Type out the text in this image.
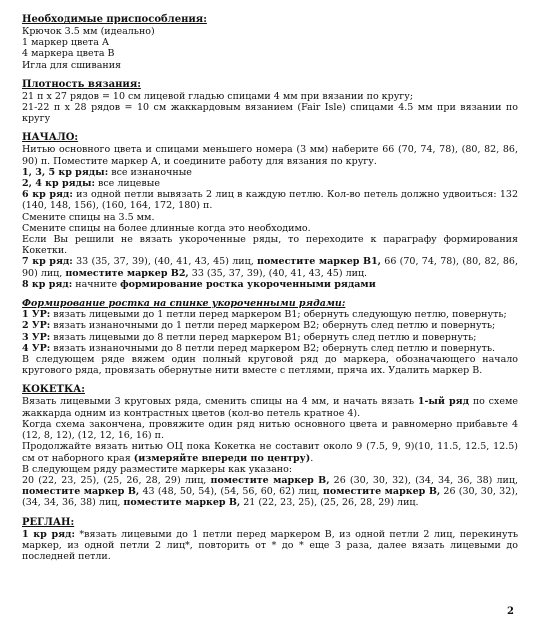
Необходимые приспособления:

Крючок 3.5 мм (идеально)

1 маркер цвета А

4 маркера цвета В

Игла для сшивания

Плотность вязания:

21 п х 27 рядов = 10 см лицевой гладью спицами 4 мм при вязании по кругу;

21-22 п х 28 рядов = 10 см жаккардовым вязанием (Fair Isle) спицами 4.5 мм при вязании по кругу

НАЧАЛО:

Нитью основного цвета и спицами меньшего номера (3 мм) наберите 66 (70, 74, 78), (80, 82, 86, 90) п. Поместите маркер А, и соедините работу для вязания по кругу.

1, 3, 5 кр ряды: все изнаночные

2, 4 кр ряды: все лицевые

6 кр ряд: из одной петли вывязать 2 лиц в каждую петлю. Кол-во петель должно удвоиться: 132 (140, 148, 156), (160, 164, 172, 180) п.

Смените спицы на 3.5 мм.

Смените спицы на более длинные когда это необходимо.

Если Вы решили не вязать укороченные ряды, то переходите к параграфу формирования Кокетки.

7 кр ряд: 33 (35, 37, 39), (40, 41, 43, 45) лиц, поместите маркер В1, 66 (70, 74, 78), (80, 82, 86, 90) лиц, поместите маркер В2, 33 (35, 37, 39), (40, 41, 43, 45) лиц.

8 кр ряд: начните формирование ростка укороченными рядами

Формирование ростка на спинке укороченными рядами:

1 УР: вязать лицевыми до 1 петли перед маркером В1; обернуть следующую петлю, повернуть;

2 УР: вязать изнаночными до 1 петли перед маркером В2; обернуть след петлю и повернуть;

3 УР: вязать лицевыми до 8 петли перед маркером В1; обернуть след петлю и повернуть;

4 УР: вязать изнаночными до 8 петли перед маркером В2; обернуть след петлю и повернуть.

В следующем ряде вяжем один полный круговой ряд до маркера, обозначающего начало кругового ряда, провязать обернутые нити вместе с петлями, пряча их. Удалить маркер В.

КОКЕТКА:

Вязать лицевыми 3 круговых ряда, сменить спицы на 4 мм, и начать вязать 1-ый ряд по схеме жаккарда одним из контрастных цветов (кол-во петель кратное 4).

Когда схема закончена, провяжите один ряд нитью основного цвета и равномерно прибавьте 4 (12, 8, 12), (12, 12, 16, 16) п.

Продолжайте вязать нитью ОЦ пока Кокетка не составит около 9 (7.5, 9, 9)(10, 11.5, 12.5, 12.5) см от наборного края (измеряйте впереди по центру).

В следующем ряду разместите маркеры как указано:

20 (22, 23, 25), (25, 26, 28, 29) лиц, поместите маркер В, 26 (30, 30, 32), (34, 34, 36, 38) лиц, поместите маркер В, 43 (48, 50, 54), (54, 56, 60, 62) лиц, поместите маркер В, 26 (30, 30, 32), (34, 34, 36, 38) лиц, поместите маркер В, 21 (22, 23, 25), (25, 26, 28, 29) лиц.

РЕГЛАН:

1 кр ряд: *вязать лицевыми до 1 петли перед маркером В, из одной петли 2 лиц, перекинуть маркер, из одной петли 2 лиц*, повторить от * до * еще 3 раза, далее вязать лицевыми до последней петли.

2
